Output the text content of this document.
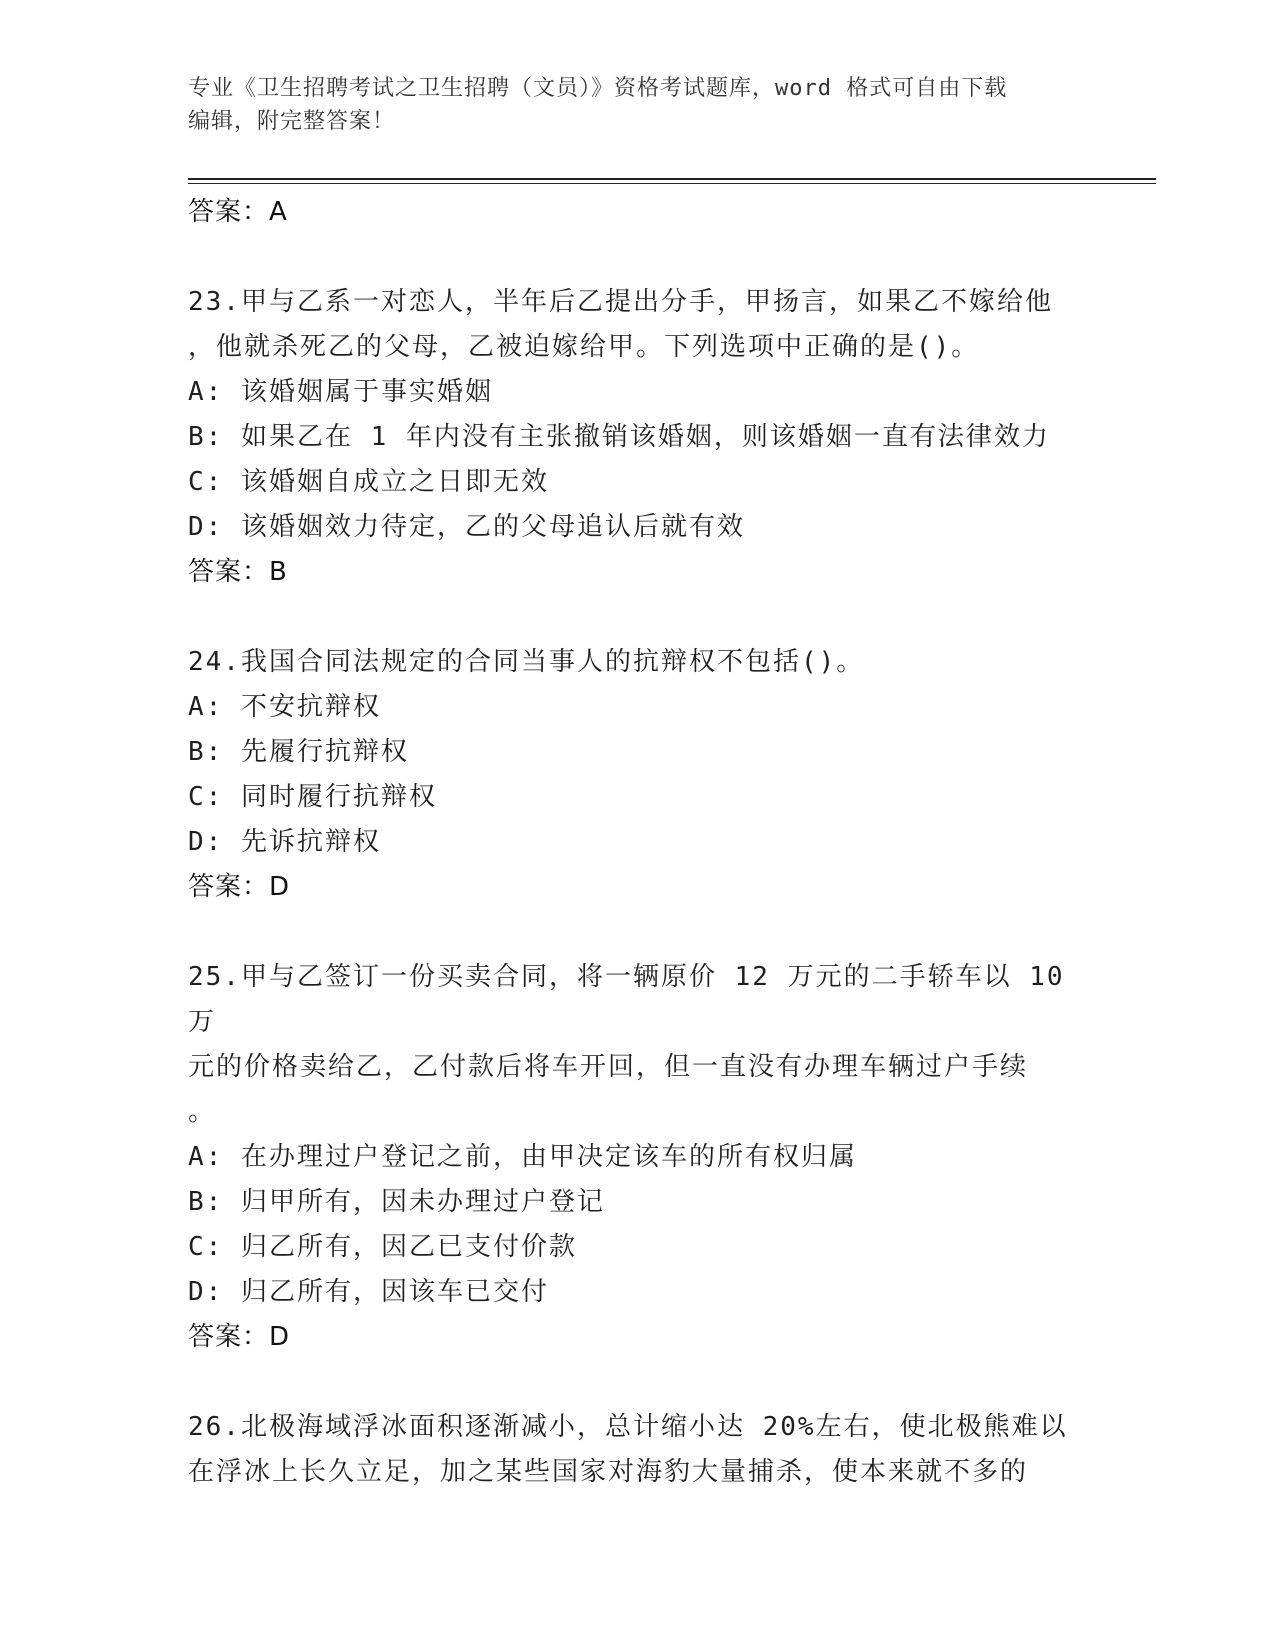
专业《卫生招聘考试之卫生招聘（文员）》资格考试题库，word 格式可自由下载
编辑，附完整答案！
答案：A
23.甲与乙系一对恋人，半年后乙提出分手，甲扬言，如果乙不嫁给他
，他就杀死乙的父母，乙被迫嫁给甲。下列选项中正确的是()。
A: 该婚姻属于事实婚姻
B: 如果乙在 1 年内没有主张撤销该婚姻，则该婚姻一直有法律效力
C: 该婚姻自成立之日即无效
D: 该婚姻效力待定，乙的父母追认后就有效
答案：B
24.我国合同法规定的合同当事人的抗辩权不包括()。
A: 不安抗辩权
B: 先履行抗辩权
C: 同时履行抗辩权
D: 先诉抗辩权
答案：D
25.甲与乙签订一份买卖合同，将一辆原价 12 万元的二手轿车以 10 万
元的价格卖给乙，乙付款后将车开回，但一直没有办理车辆过户手续
。
A: 在办理过户登记之前，由甲决定该车的所有权归属
B: 归甲所有，因未办理过户登记
C: 归乙所有，因乙已支付价款
D: 归乙所有，因该车已交付
答案：D
26.北极海域浮冰面积逐渐减小，总计缩小达 20%左右，使北极熊难以
在浮冰上长久立足，加之某些国家对海豹大量捕杀，使本来就不多的
